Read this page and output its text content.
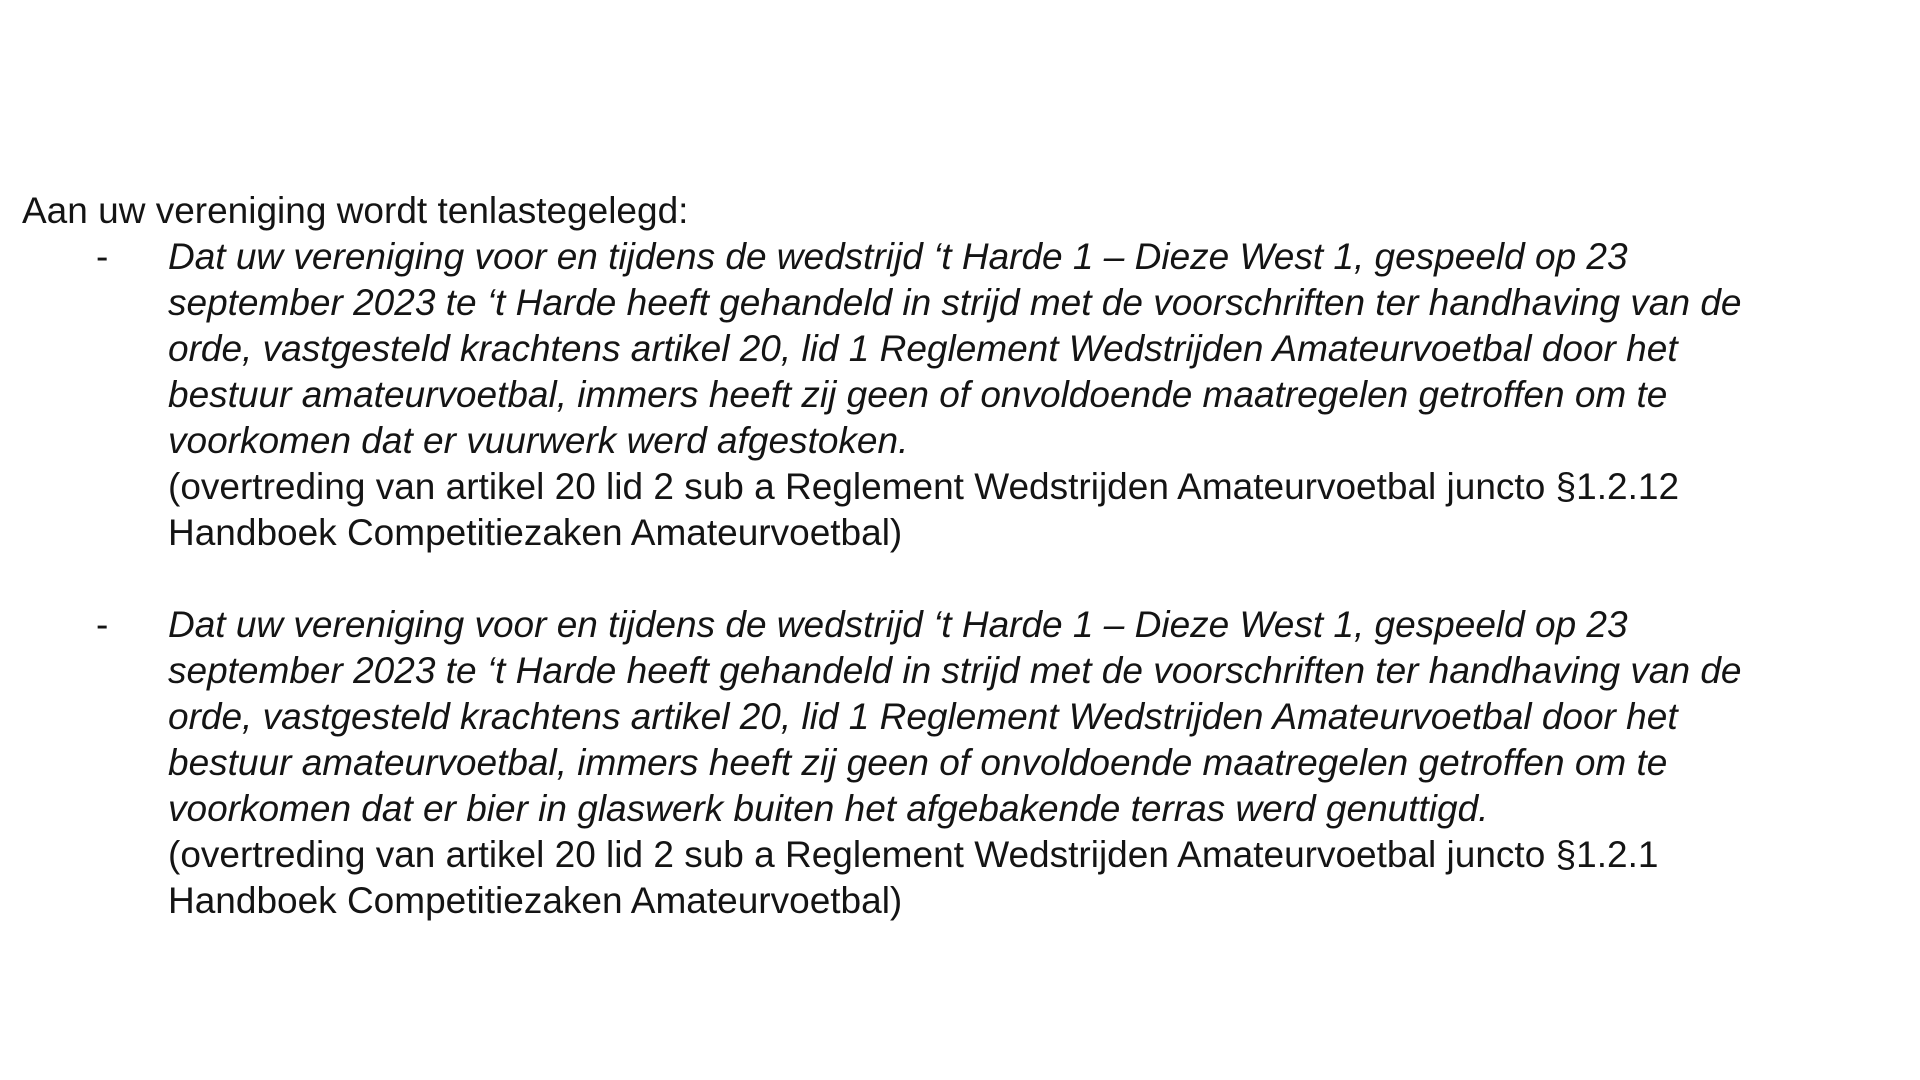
Aan uw vereniging wordt tenlastegelegd:

- Dat uw vereniging voor en tijdens de wedstrijd ‘t Harde 1 – Dieze West 1, gespeeld op 23
september 2023 te ‘t Harde heeft gehandeld in strijd met de voorschriften ter handhaving van de
orde, vastgesteld krachtens artikel 20, lid 1 Reglement Wedstrijden Amateurvoetbal door het
bestuur amateurvoetbal, immers heeft zij geen of onvoldoende maatregelen getroffen om te
voorkomen dat er vuurwerk werd afgestoken.
(overtreding van artikel 20 lid 2 sub a Reglement Wedstrijden Amateurvoetbal juncto §1.2.12
Handboek Competitiezaken Amateurvoetbal)
- Dat uw vereniging voor en tijdens de wedstrijd ‘t Harde 1 – Dieze West 1, gespeeld op 23
september 2023 te ‘t Harde heeft gehandeld in strijd met de voorschriften ter handhaving van de
orde, vastgesteld krachtens artikel 20, lid 1 Reglement Wedstrijden Amateurvoetbal door het
bestuur amateurvoetbal, immers heeft zij geen of onvoldoende maatregelen getroffen om te
voorkomen dat er bier in glaswerk buiten het afgebakende terras werd genuttigd.
(overtreding van artikel 20 lid 2 sub a Reglement Wedstrijden Amateurvoetbal juncto §1.2.1
Handboek Competitiezaken Amateurvoetbal)
